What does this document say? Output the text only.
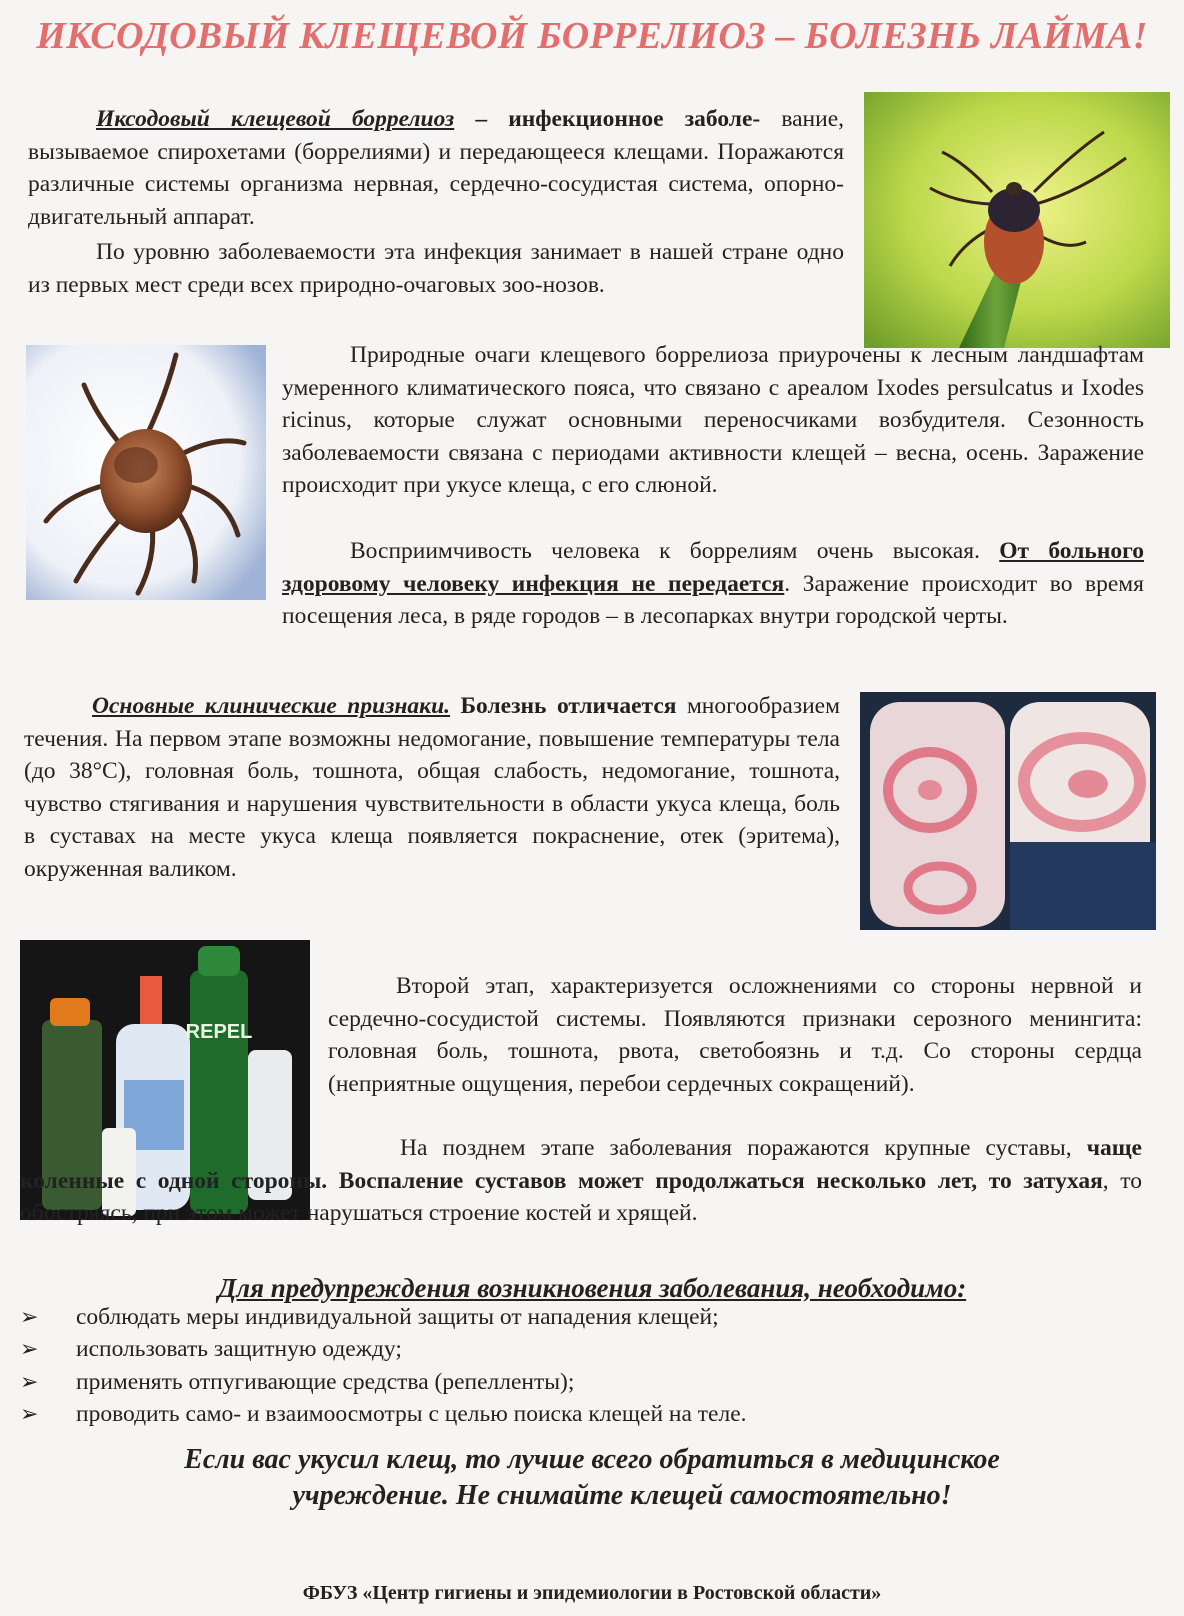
ИКСОДОВЫЙ КЛЕЩЕВОЙ БОРРЕЛИОЗ – БОЛЕЗНЬ ЛАЙМА!

Иксодовый клещевой боррелиоз – инфекционное заболе- вание, вызываемое спирохетами (боррелиями) и передающееся клещами. Поражаются различные системы организма нервная, сердечно-сосудистая система, опорно-двигательный аппарат.

По уровню заболеваемости эта инфекция занимает в нашей стране одно из первых мест среди всех природно-очаговых зоо-нозов.

Природные очаги клещевого боррелиоза приурочены к лесным ландшафтам умеренного климатического пояса, что связано с ареалом Ixodes persulcatus и Ixodes ricinus, которые служат основными переносчиками возбудителя. Сезонность заболеваемости связана с периодами активности клещей – весна, осень. Заражение происходит при укусе клеща, с его слюной.

Восприимчивость человека к боррелиям очень высокая. От больного здоровому человеку инфекция не передается. Заражение происходит во время посещения леса, в ряде городов – в лесопарках внутри городской черты.

Основные клинические признаки. Болезнь отличается многообразием течения. На первом этапе возможны недомогание, повышение температуры тела (до 38°С), головная боль, тошнота, общая слабость, недомогание, тошнота, чувство стягивания и нарушения чувствительности в области укуса клеща, боль в суставах на месте укуса клеща появляется покраснение, отек (эритема), окруженная валиком.

REPEL

Второй этап, характеризуется осложнениями со стороны нервной и сердечно-сосудистой системы. Появляются признаки серозного менингита: головная боль, тошнота, рвота, светобоязнь и т.д. Со стороны сердца (неприятные ощущения, перебои сердечных сокращений).

На позднем этапе заболевания поражаются крупные суставы, чаще коленные с одной стороны. Воспаление суставов может продолжаться несколько лет, то затухая, то обостряясь, при этом может нарушаться строение костей и хрящей.

Для предупреждения возникновения заболевания, необходимо:
➢ соблюдать меры индивидуальной защиты от нападения клещей;
➢ использовать защитную одежду;
➢ применять отпугивающие средства (репелленты);
➢ проводить само- и взаимоосмотры с целью поиска клещей на теле.
Если вас укусил клещ, то лучше всего обратиться в медицинское
учреждение. Не снимайте клещей самостоятельно!
ФБУЗ «Центр гигиены и эпидемиологии в Ростовской области»
